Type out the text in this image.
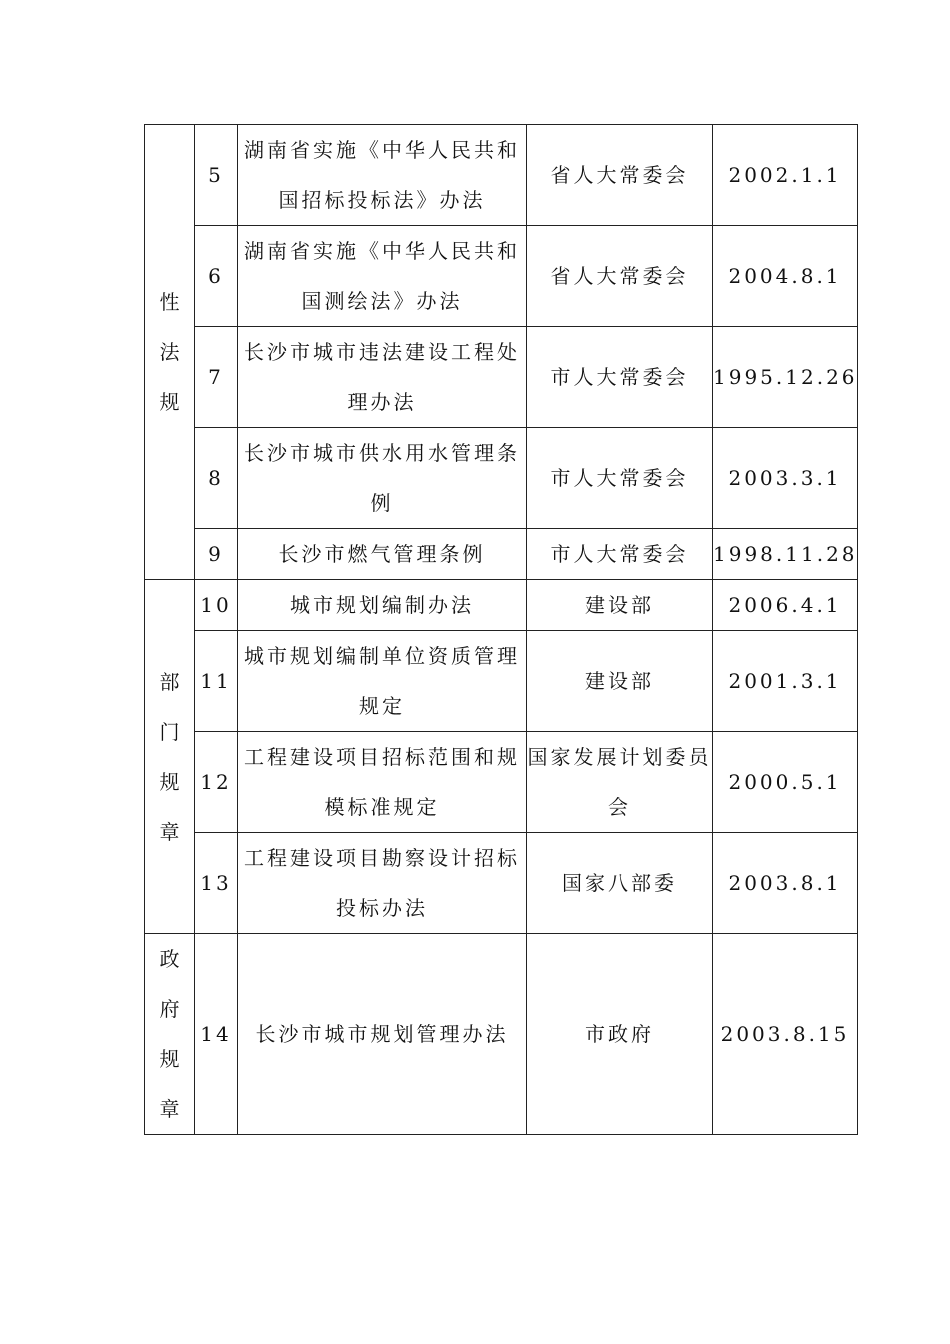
性法规	5	湖南省实施《中华人民共和国招标投标法》办法	省人大常委会	2002.1.1
	6	湖南省实施《中华人民共和国测绘法》办法	省人大常委会	2004.8.1
	7	长沙市城市违法建设工程处理办法	市人大常委会	1995.12.26
	8	长沙市城市供水用水管理条例	市人大常委会	2003.3.1
	9	长沙市燃气管理条例	市人大常委会	1998.11.28
部门规章	10	城市规划编制办法	建设部	2006.4.1
	11	城市规划编制单位资质管理规定	建设部	2001.3.1
	12	工程建设项目招标范围和规模标准规定	国家发展计划委员会	2000.5.1
	13	工程建设项目勘察设计招标投标办法	国家八部委	2003.8.1
政府规章	14	长沙市城市规划管理办法	市政府	2003.8.15
